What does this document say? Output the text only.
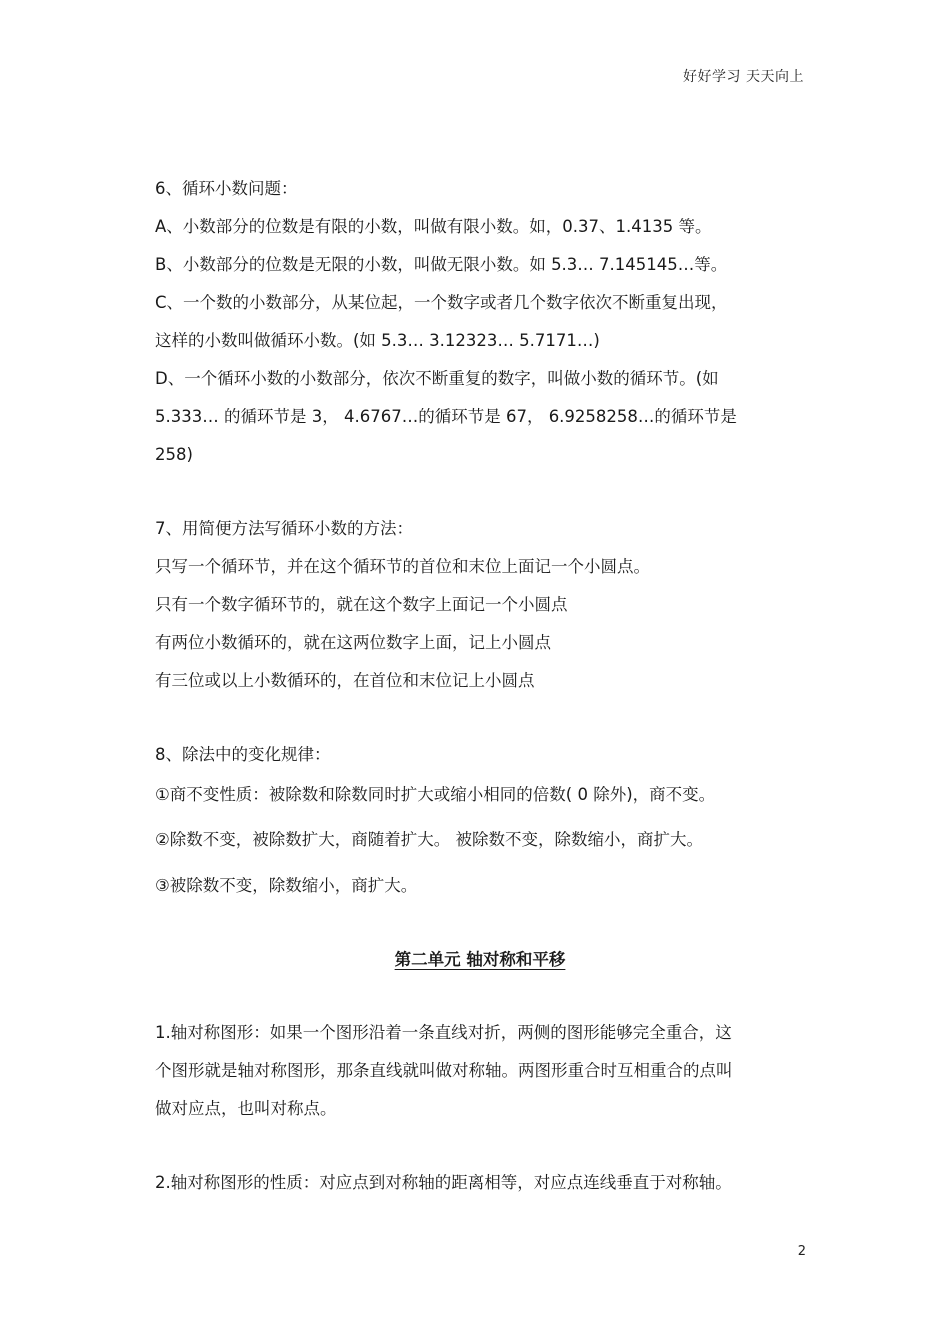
好好学习 天天向上
6、循环小数问题：
A、小数部分的位数是有限的小数，叫做有限小数。如，0.37、1.4135 等。
B、小数部分的位数是无限的小数，叫做无限小数。如 5.3… 7.145145…等。
C、一个数的小数部分，从某位起，一个数字或者几个数字依次不断重复出现，
这样的小数叫做循环小数。(如 5.3… 3.12323… 5.7171…)
D、一个循环小数的小数部分，依次不断重复的数字，叫做小数的循环节。(如
5.333… 的循环节是 3， 4.6767…的循环节是 67， 6.9258258…的循环节是
258)
7、用简便方法写循环小数的方法：
只写一个循环节，并在这个循环节的首位和末位上面记一个小圆点。
只有一个数字循环节的，就在这个数字上面记一个小圆点
有两位小数循环的，就在这两位数字上面，记上小圆点
有三位或以上小数循环的，在首位和末位记上小圆点
8、除法中的变化规律：
①商不变性质：被除数和除数同时扩大或缩小相同的倍数( 0 除外)，商不变。
②除数不变，被除数扩大，商随着扩大。 被除数不变，除数缩小，商扩大。
③被除数不变，除数缩小，商扩大。
第二单元 轴对称和平移
1.轴对称图形：如果一个图形沿着一条直线对折，两侧的图形能够完全重合，这
个图形就是轴对称图形，那条直线就叫做对称轴。两图形重合时互相重合的点叫
做对应点，也叫对称点。
2.轴对称图形的性质：对应点到对称轴的距离相等，对应点连线垂直于对称轴。
2
